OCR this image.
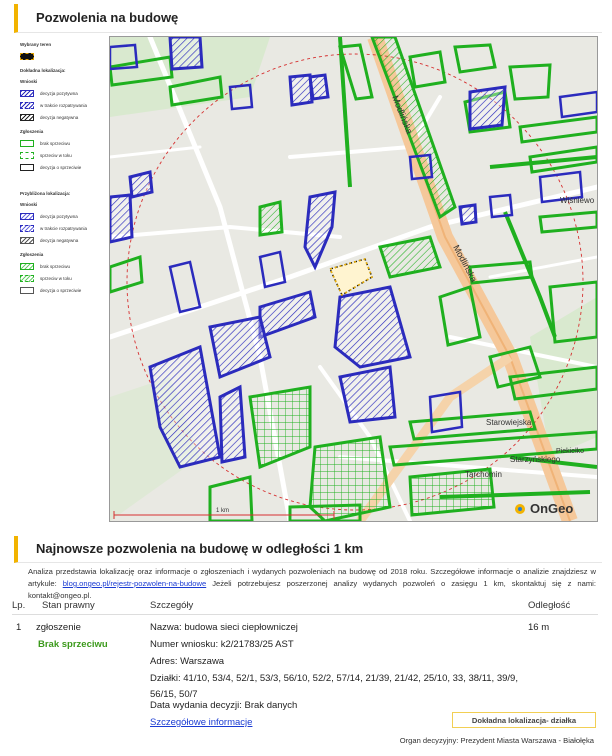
Pozwolenia na budowę
Wybrany teren
Dokładna lokalizacja:
Wnioski
decyzja pozytywna
w trakcie rozpatrywania
decyzja negatywna
Zgłoszenia
brak sprzeciwu
sprzeciw w toku
decyzja o sprzeciwie
Przybliżona lokalizacja:
Wnioski
decyzja pozytywna
w trakcie rozpatrywania
decyzja negatywna
Zgłoszenia
brak sprzeciwu
sprzeciw w toku
decyzja o sprzeciwie
Modlińska
Modlińska
Wiśniewo
Starowiejska
Starzyńskiego
Tarchomin
Piekiełko
1 km	OnGeo
Najnowsze pozwolenia na budowę w odległości 1 km
Analiza przedstawia lokalizację oraz informacje o zgłoszeniach i wydanych pozwoleniach na budowę od 2018 roku. Szczegółowe informacje o analizie znajdziesz w artykule: blog.ongeo.pl/rejestr-pozwolen-na-budowe Jeżeli potrzebujesz poszerzonej analizy wydanych pozwoleń o zasięgu 1 km, skontaktuj się z nami: kontakt@ongeo.pl.
Lp. Stan prawny	Szczegóły	Odległość
1 zgłoszenie
Brak sprzeciwu
Nazwa: budowa sieci ciepłowniczej
Numer wniosku: k2/21783/25 AST
Adres: Warszawa
Działki: 41/10, 53/4, 52/1, 53/3, 56/10, 52/2, 57/14, 21/39, 21/42, 25/10, 33, 38/11, 39/9, 56/15, 50/7
Data wydania decyzji: Brak danych
Szczegółowe informacje
16 m
Dokładna lokalizacja- działka
Organ decyzyjny: Prezydent Miasta Warszawa - Białołęka
